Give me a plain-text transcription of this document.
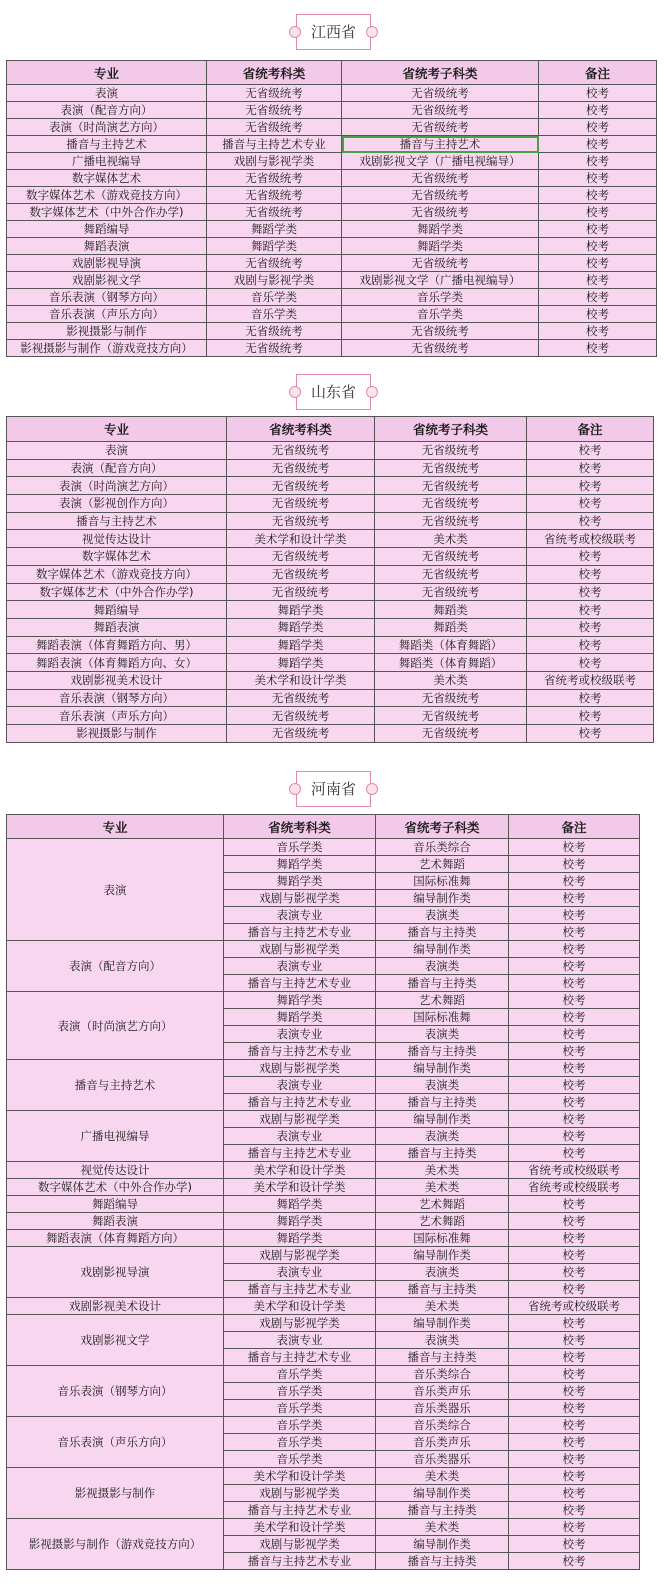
江西省
专业	省统考科类	省统考子科类	备注
表演	无省级统考	无省级统考	校考
表演（配音方向）	无省级统考	无省级统考	校考
表演（时尚演艺方向）	无省级统考	无省级统考	校考
播音与主持艺术	播音与主持艺术专业	播音与主持艺术	校考
广播电视编导	戏剧与影视学类	戏剧影视文学（广播电视编导）	校考
数字媒体艺术	无省级统考	无省级统考	校考
数字媒体艺术（游戏竞技方向）	无省级统考	无省级统考	校考
数字媒体艺术（中外合作办学)	无省级统考	无省级统考	校考
舞蹈编导	舞蹈学类	舞蹈学类	校考
舞蹈表演	舞蹈学类	舞蹈学类	校考
戏剧影视导演	无省级统考	无省级统考	校考
戏剧影视文学	戏剧与影视学类	戏剧影视文学（广播电视编导）	校考
音乐表演（钢琴方向）	音乐学类	音乐学类	校考
音乐表演（声乐方向）	音乐学类	音乐学类	校考
影视摄影与制作	无省级统考	无省级统考	校考
影视摄影与制作（游戏竞技方向）	无省级统考	无省级统考	校考
山东省
专业	省统考科类	省统考子科类	备注
表演	无省级统考	无省级统考	校考
表演（配音方向）	无省级统考	无省级统考	校考
表演（时尚演艺方向）	无省级统考	无省级统考	校考
表演（影视创作方向）	无省级统考	无省级统考	校考
播音与主持艺术	无省级统考	无省级统考	校考
视觉传达设计	美术学和设计学类	美术类	省统考或校级联考
数字媒体艺术	无省级统考	无省级统考	校考
数字媒体艺术（游戏竞技方向）	无省级统考	无省级统考	校考
数字媒体艺术（中外合作办学)	无省级统考	无省级统考	校考
舞蹈编导	舞蹈学类	舞蹈类	校考
舞蹈表演	舞蹈学类	舞蹈类	校考
舞蹈表演（体育舞蹈方向、男）	舞蹈学类	舞蹈类（体育舞蹈）	校考
舞蹈表演（体育舞蹈方向、女）	舞蹈学类	舞蹈类（体育舞蹈）	校考
戏剧影视美术设计	美术学和设计学类	美术类	省统考或校级联考
音乐表演（钢琴方向）	无省级统考	无省级统考	校考
音乐表演（声乐方向）	无省级统考	无省级统考	校考
影视摄影与制作	无省级统考	无省级统考	校考
河南省
专业	省统考科类	省统考子科类	备注
表演	音乐学类	音乐类综合	校考
	舞蹈学类	艺术舞蹈	校考
	舞蹈学类	国际标准舞	校考
	戏剧与影视学类	编导制作类	校考
	表演专业	表演类	校考
	播音与主持艺术专业	播音与主持类	校考
表演（配音方向）	戏剧与影视学类	编导制作类	校考
	表演专业	表演类	校考
	播音与主持艺术专业	播音与主持类	校考
表演（时尚演艺方向）	舞蹈学类	艺术舞蹈	校考
	舞蹈学类	国际标准舞	校考
	表演专业	表演类	校考
	播音与主持艺术专业	播音与主持类	校考
播音与主持艺术	戏剧与影视学类	编导制作类	校考
	表演专业	表演类	校考
	播音与主持艺术专业	播音与主持类	校考
广播电视编导	戏剧与影视学类	编导制作类	校考
	表演专业	表演类	校考
	播音与主持艺术专业	播音与主持类	校考
视觉传达设计	美术学和设计学类	美术类	省统考或校级联考
数字媒体艺术（中外合作办学)	美术学和设计学类	美术类	省统考或校级联考
舞蹈编导	舞蹈学类	艺术舞蹈	校考
舞蹈表演	舞蹈学类	艺术舞蹈	校考
舞蹈表演（体育舞蹈方向）	舞蹈学类	国际标准舞	校考
戏剧影视导演	戏剧与影视学类	编导制作类	校考
	表演专业	表演类	校考
	播音与主持艺术专业	播音与主持类	校考
戏剧影视美术设计	美术学和设计学类	美术类	省统考或校级联考
戏剧影视文学	戏剧与影视学类	编导制作类	校考
	表演专业	表演类	校考
	播音与主持艺术专业	播音与主持类	校考
音乐表演（钢琴方向）	音乐学类	音乐类综合	校考
	音乐学类	音乐类声乐	校考
	音乐学类	音乐类器乐	校考
音乐表演（声乐方向）	音乐学类	音乐类综合	校考
	音乐学类	音乐类声乐	校考
	音乐学类	音乐类器乐	校考
影视摄影与制作	美术学和设计学类	美术类	校考
	戏剧与影视学类	编导制作类	校考
	播音与主持艺术专业	播音与主持类	校考
影视摄影与制作（游戏竞技方向）	美术学和设计学类	美术类	校考
	戏剧与影视学类	编导制作类	校考
	播音与主持艺术专业	播音与主持类	校考
